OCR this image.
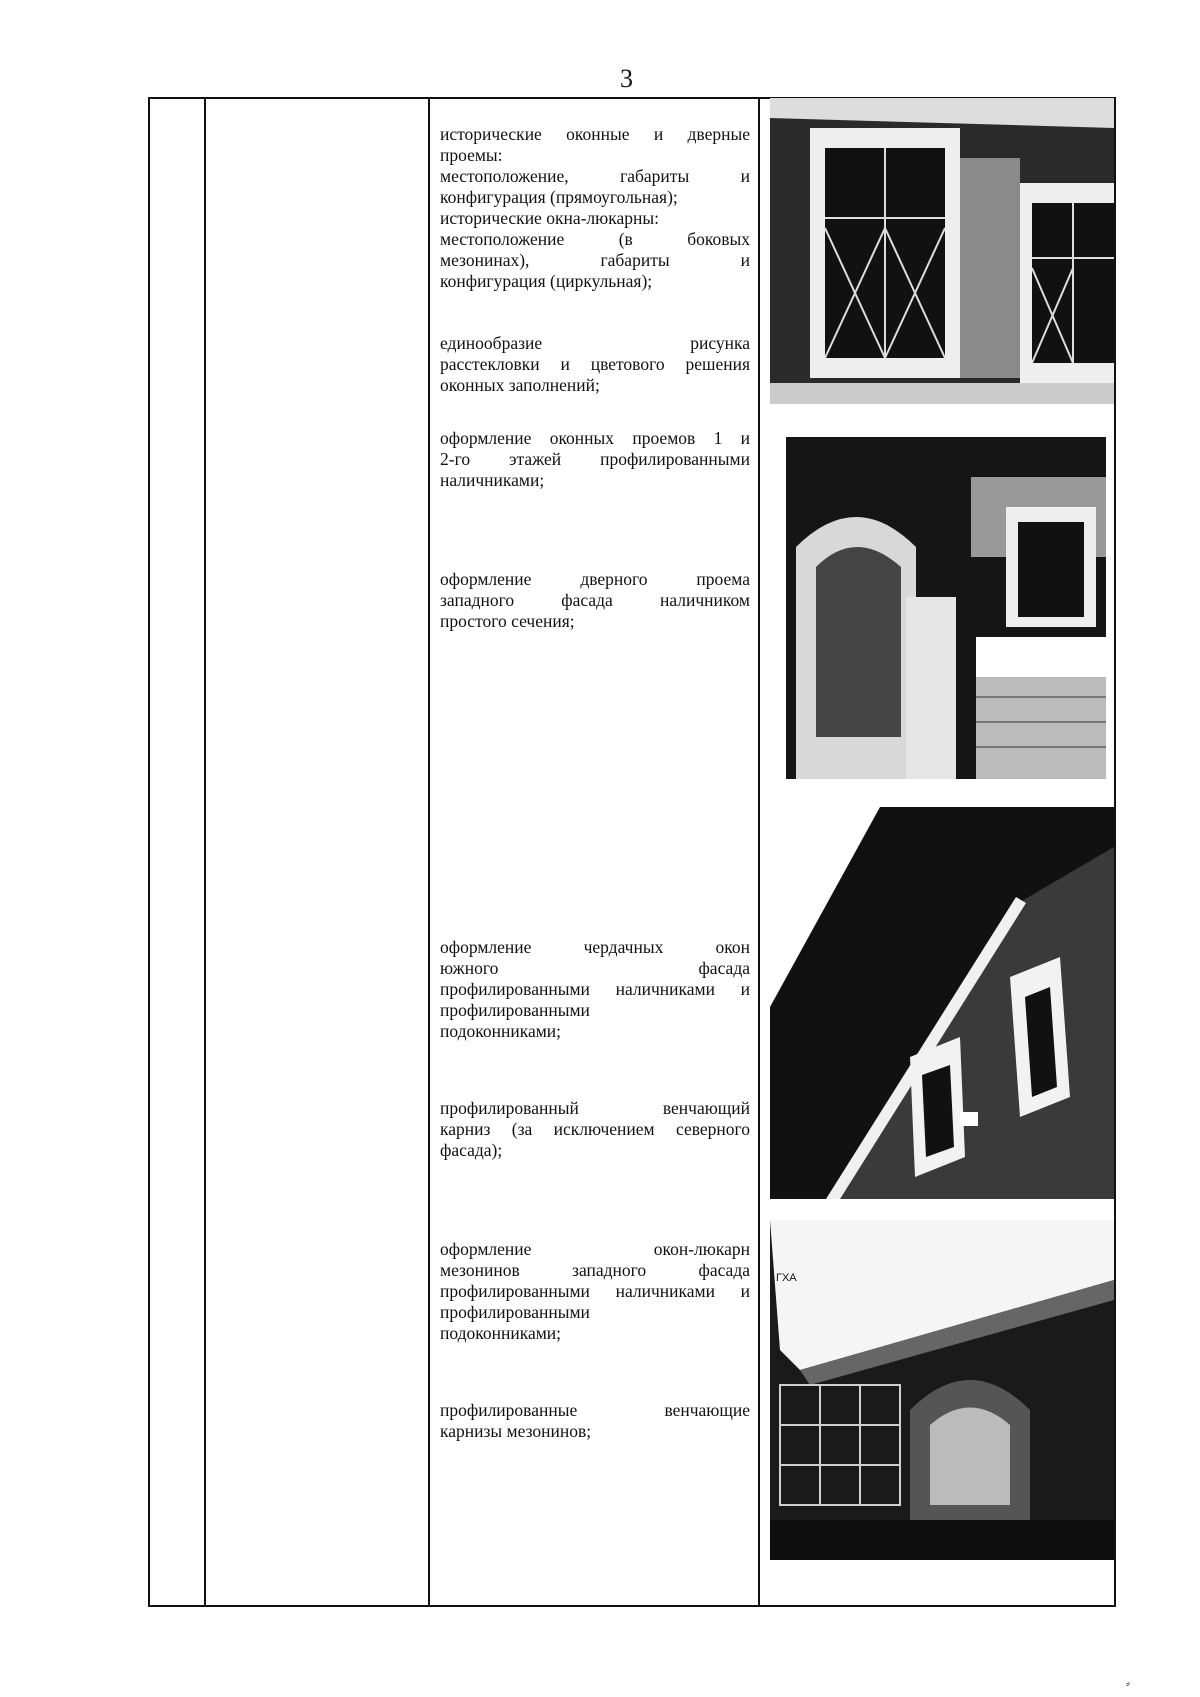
3
исторические оконные и дверные
проемы:
местоположение, габариты и
конфигурация (прямоугольная);
исторические окна-люкарны:
местоположение (в боковых
мезонинах), габариты и
конфигурация (циркульная);
единообразие рисунка
расстекловки и цветового решения
оконных заполнений;
оформление оконных проемов 1 и
2-го этажей профилированными
наличниками;
оформление дверного проема
западного фасада наличником
простого сечения;
оформление чердачных окон
южного фасада
профилированными наличниками и
профилированными
подоконниками;
профилированный венчающий
карниз (за исключением северного
фасада);
оформление окон-люкарн
мезонинов западного фасада
профилированными наличниками и
профилированными
подоконниками;
профилированные венчающие
карнизы мезонинов;
ГХА
⸗
